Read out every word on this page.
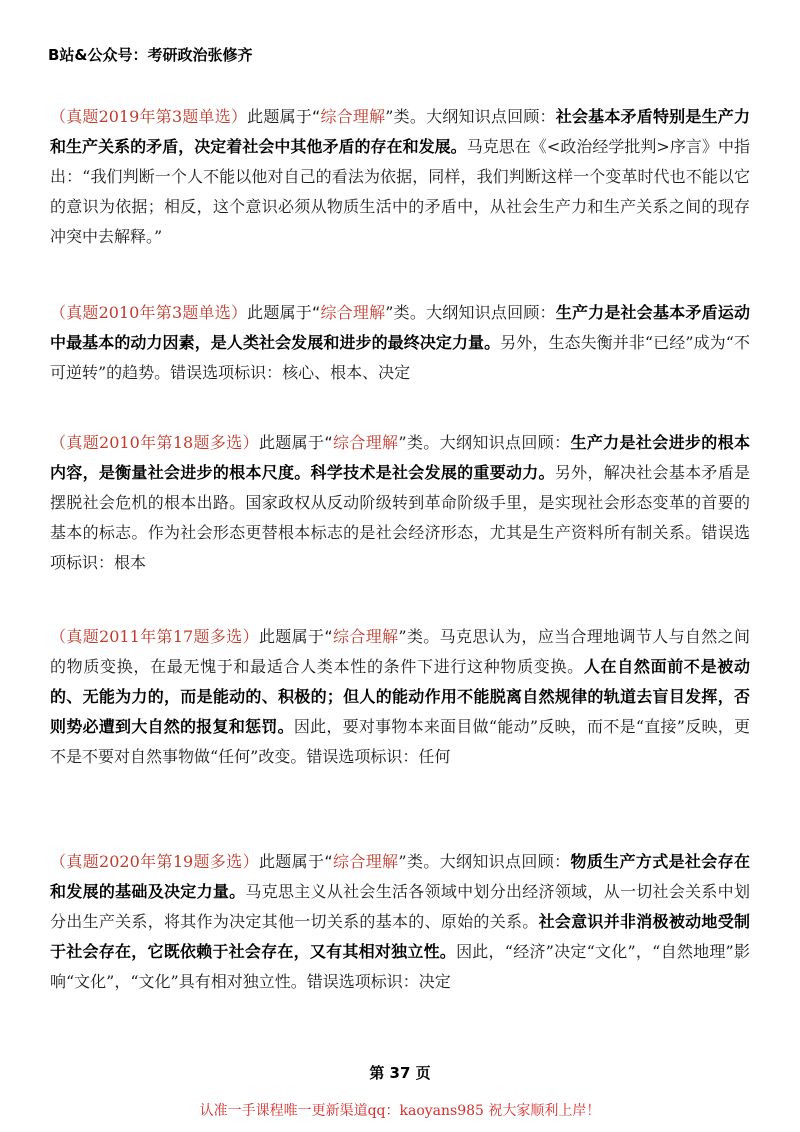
B站&公众号：考研政治张修齐
（真题2019年第3题单选）此题属于“综合理解”类。大纲知识点回顾：社会基本矛盾特别是生产力和生产关系的矛盾，决定着社会中其他矛盾的存在和发展。马克思在《<政治经学批判>序言》中指出：“我们判断一个人不能以他对自己的看法为依据，同样，我们判断这样一个变革时代也不能以它的意识为依据；相反，这个意识必须从物质生活中的矛盾中，从社会生产力和生产关系之间的现存冲突中去解释。”
（真题2010年第3题单选）此题属于“综合理解”类。大纲知识点回顾：生产力是社会基本矛盾运动中最基本的动力因素，是人类社会发展和进步的最终决定力量。另外，生态失衡并非“已经”成为“不可逆转”的趋势。错误选项标识：核心、根本、决定
（真题2010年第18题多选）此题属于“综合理解”类。大纲知识点回顾：生产力是社会进步的根本内容，是衡量社会进步的根本尺度。科学技术是社会发展的重要动力。另外，解决社会基本矛盾是摆脱社会危机的根本出路。国家政权从反动阶级转到革命阶级手里，是实现社会形态变革的首要的基本的标志。作为社会形态更替根本标志的是社会经济形态，尤其是生产资料所有制关系。错误选项标识：根本
（真题2011年第17题多选）此题属于“综合理解”类。马克思认为，应当合理地调节人与自然之间的物质变换，在最无愧于和最适合人类本性的条件下进行这种物质变换。人在自然面前不是被动的、无能为力的，而是能动的、积极的；但人的能动作用不能脱离自然规律的轨道去盲目发挥，否则势必遭到大自然的报复和惩罚。因此，要对事物本来面目做“能动”反映，而不是“直接”反映，更不是不要对自然事物做“任何”改变。错误选项标识：任何
（真题2020年第19题多选）此题属于“综合理解”类。大纲知识点回顾：物质生产方式是社会存在和发展的基础及决定力量。马克思主义从社会生活各领域中划分出经济领域，从一切社会关系中划分出生产关系，将其作为决定其他一切关系的基本的、原始的关系。社会意识并非消极被动地受制于社会存在，它既依赖于社会存在，又有其相对独立性。因此，“经济”决定“文化”，“自然地理”影响“文化”，“文化”具有相对独立性。错误选项标识：决定
第 37 页
认准一手课程唯一更新渠道qq：kaoyans985 祝大家顺利上岸！
